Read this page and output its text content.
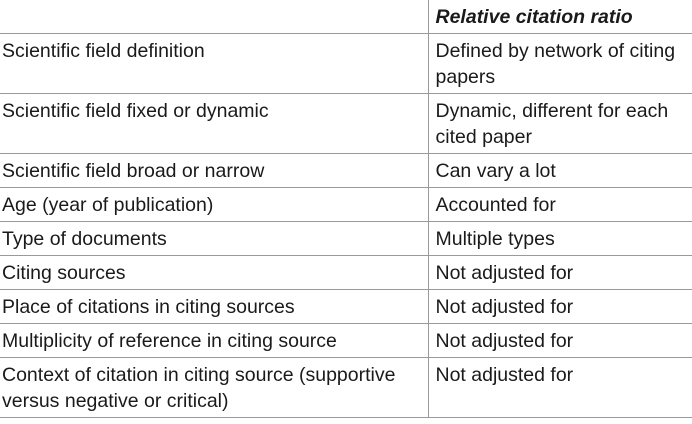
	Relative citation ratio
Scientific field definition	Defined by network of citing papers
Scientific field fixed or dynamic	Dynamic, different for each cited paper
Scientific field broad or narrow	Can vary a lot
Age (year of publication)	Accounted for
Type of documents	Multiple types
Citing sources	Not adjusted for
Place of citations in citing sources	Not adjusted for
Multiplicity of reference in citing source	Not adjusted for
Context of citation in citing source (supportive versus negative or critical)	Not adjusted for
